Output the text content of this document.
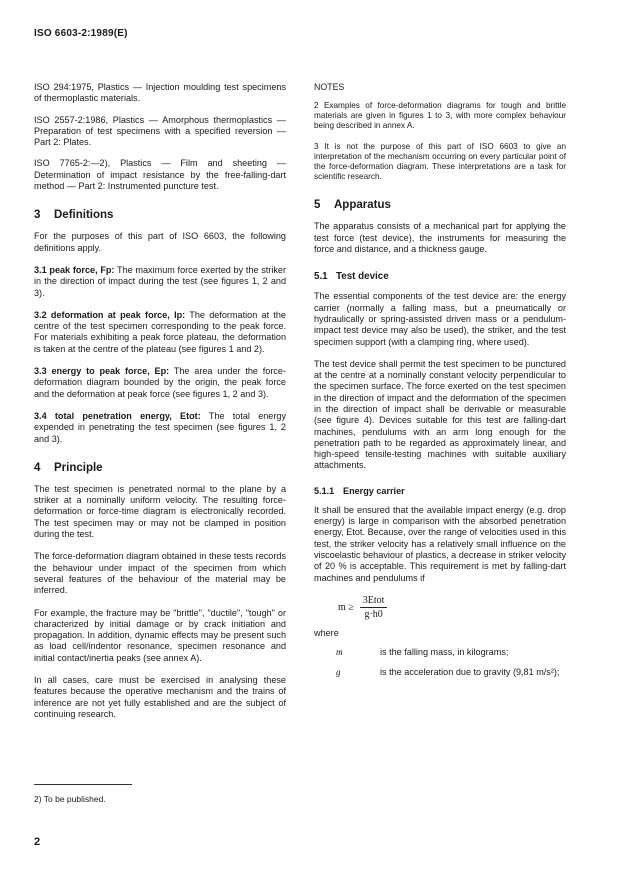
ISO 6603-2:1989(E)

ISO 294:1975, Plastics — Injection moulding test specimens of thermoplastic materials.

ISO 2557-2:1986, Plastics — Amorphous thermoplastics — Preparation of test specimens with a specified reversion — Part 2: Plates.

ISO 7765-2:—2), Plastics — Film and sheeting — Determination of impact resistance by the free-falling-dart method — Part 2: Instrumented puncture test.

3 Definitions

For the purposes of this part of ISO 6603, the following definitions apply.

3.1 peak force, Fp: The maximum force exerted by the striker in the direction of impact during the test (see figures 1, 2 and 3).

3.2 deformation at peak force, lp: The deformation at the centre of the test specimen corresponding to the peak force. For materials exhibiting a peak force plateau, the deformation is taken at the centre of the plateau (see figures 1 and 2).

3.3 energy to peak force, Ep: The area under the force-deformation diagram bounded by the origin, the peak force and the deformation at peak force (see figures 1, 2 and 3).

3.4 total penetration energy, Etot: The total energy expended in penetrating the test specimen (see figures 1, 2 and 3).

4 Principle

The test specimen is penetrated normal to the plane by a striker at a nominally uniform velocity. The resulting force-deformation or force-time diagram is electronically recorded. The test specimen may or may not be clamped in position during the test.

The force-deformation diagram obtained in these tests records the behaviour under impact of the specimen from which several features of the behaviour of the material may be inferred.

For example, the fracture may be "brittle", "ductile", "tough" or characterized by initial damage or by crack initiation and propagation. In addition, dynamic effects may be present such as load cell/indentor resonance, specimen resonance and initial contact/inertia peaks (see annex A).

In all cases, care must be exercised in analysing these features because the operative mechanism and the trains of inference are not yet fully established and are the subject of continuing research.

NOTES

2 Examples of force-deformation diagrams for tough and brittle materials are given in figures 1 to 3, with more complex behaviour being described in annex A.

3 It is not the purpose of this part of ISO 6603 to give an interpretation of the mechanism occurring on every particular point of the force-deformation diagram. These interpretations are a task for scientific research.

5 Apparatus

The apparatus consists of a mechanical part for applying the test force (test device), the instruments for measuring the force and distance, and a thickness gauge.

5.1 Test device

The essential components of the test device are: the energy carrier (normally a falling mass, but a pneumatically or hydraulically or spring-assisted driven mass or a pendulum-impact test device may also be used), the striker, and the test specimen support (with a clamping ring, where used).

The test device shall permit the test specimen to be punctured at the centre at a nominally constant velocity perpendicular to the specimen surface. The force exerted on the test specimen in the direction of impact and the deformation of the specimen in the direction of impact shall be derivable or measurable (see figure 4). Devices suitable for this test are falling-dart machines, pendulums with an arm long enough for the penetration path to be regarded as approximately linear, and high-speed tensile-testing machines with suitable auxiliary attachments.

5.1.1 Energy carrier

It shall be ensured that the available impact energy (e.g. drop energy) is large in comparison with the absorbed penetration energy, Etot. Because, over the range of velocities used in this test, the striker velocity has a relatively small influence on the viscoelastic behaviour of plastics, a decrease in striker velocity of 20 % is acceptable. This requirement is met by falling-dart machines and pendulums if

$m \ge \frac{\text{3Etot}}{g\cdot h0}$
where
m	is the falling mass, in kilograms;
g	is the acceleration due to gravity (9,81 m/s²);
2) To be published.
2
